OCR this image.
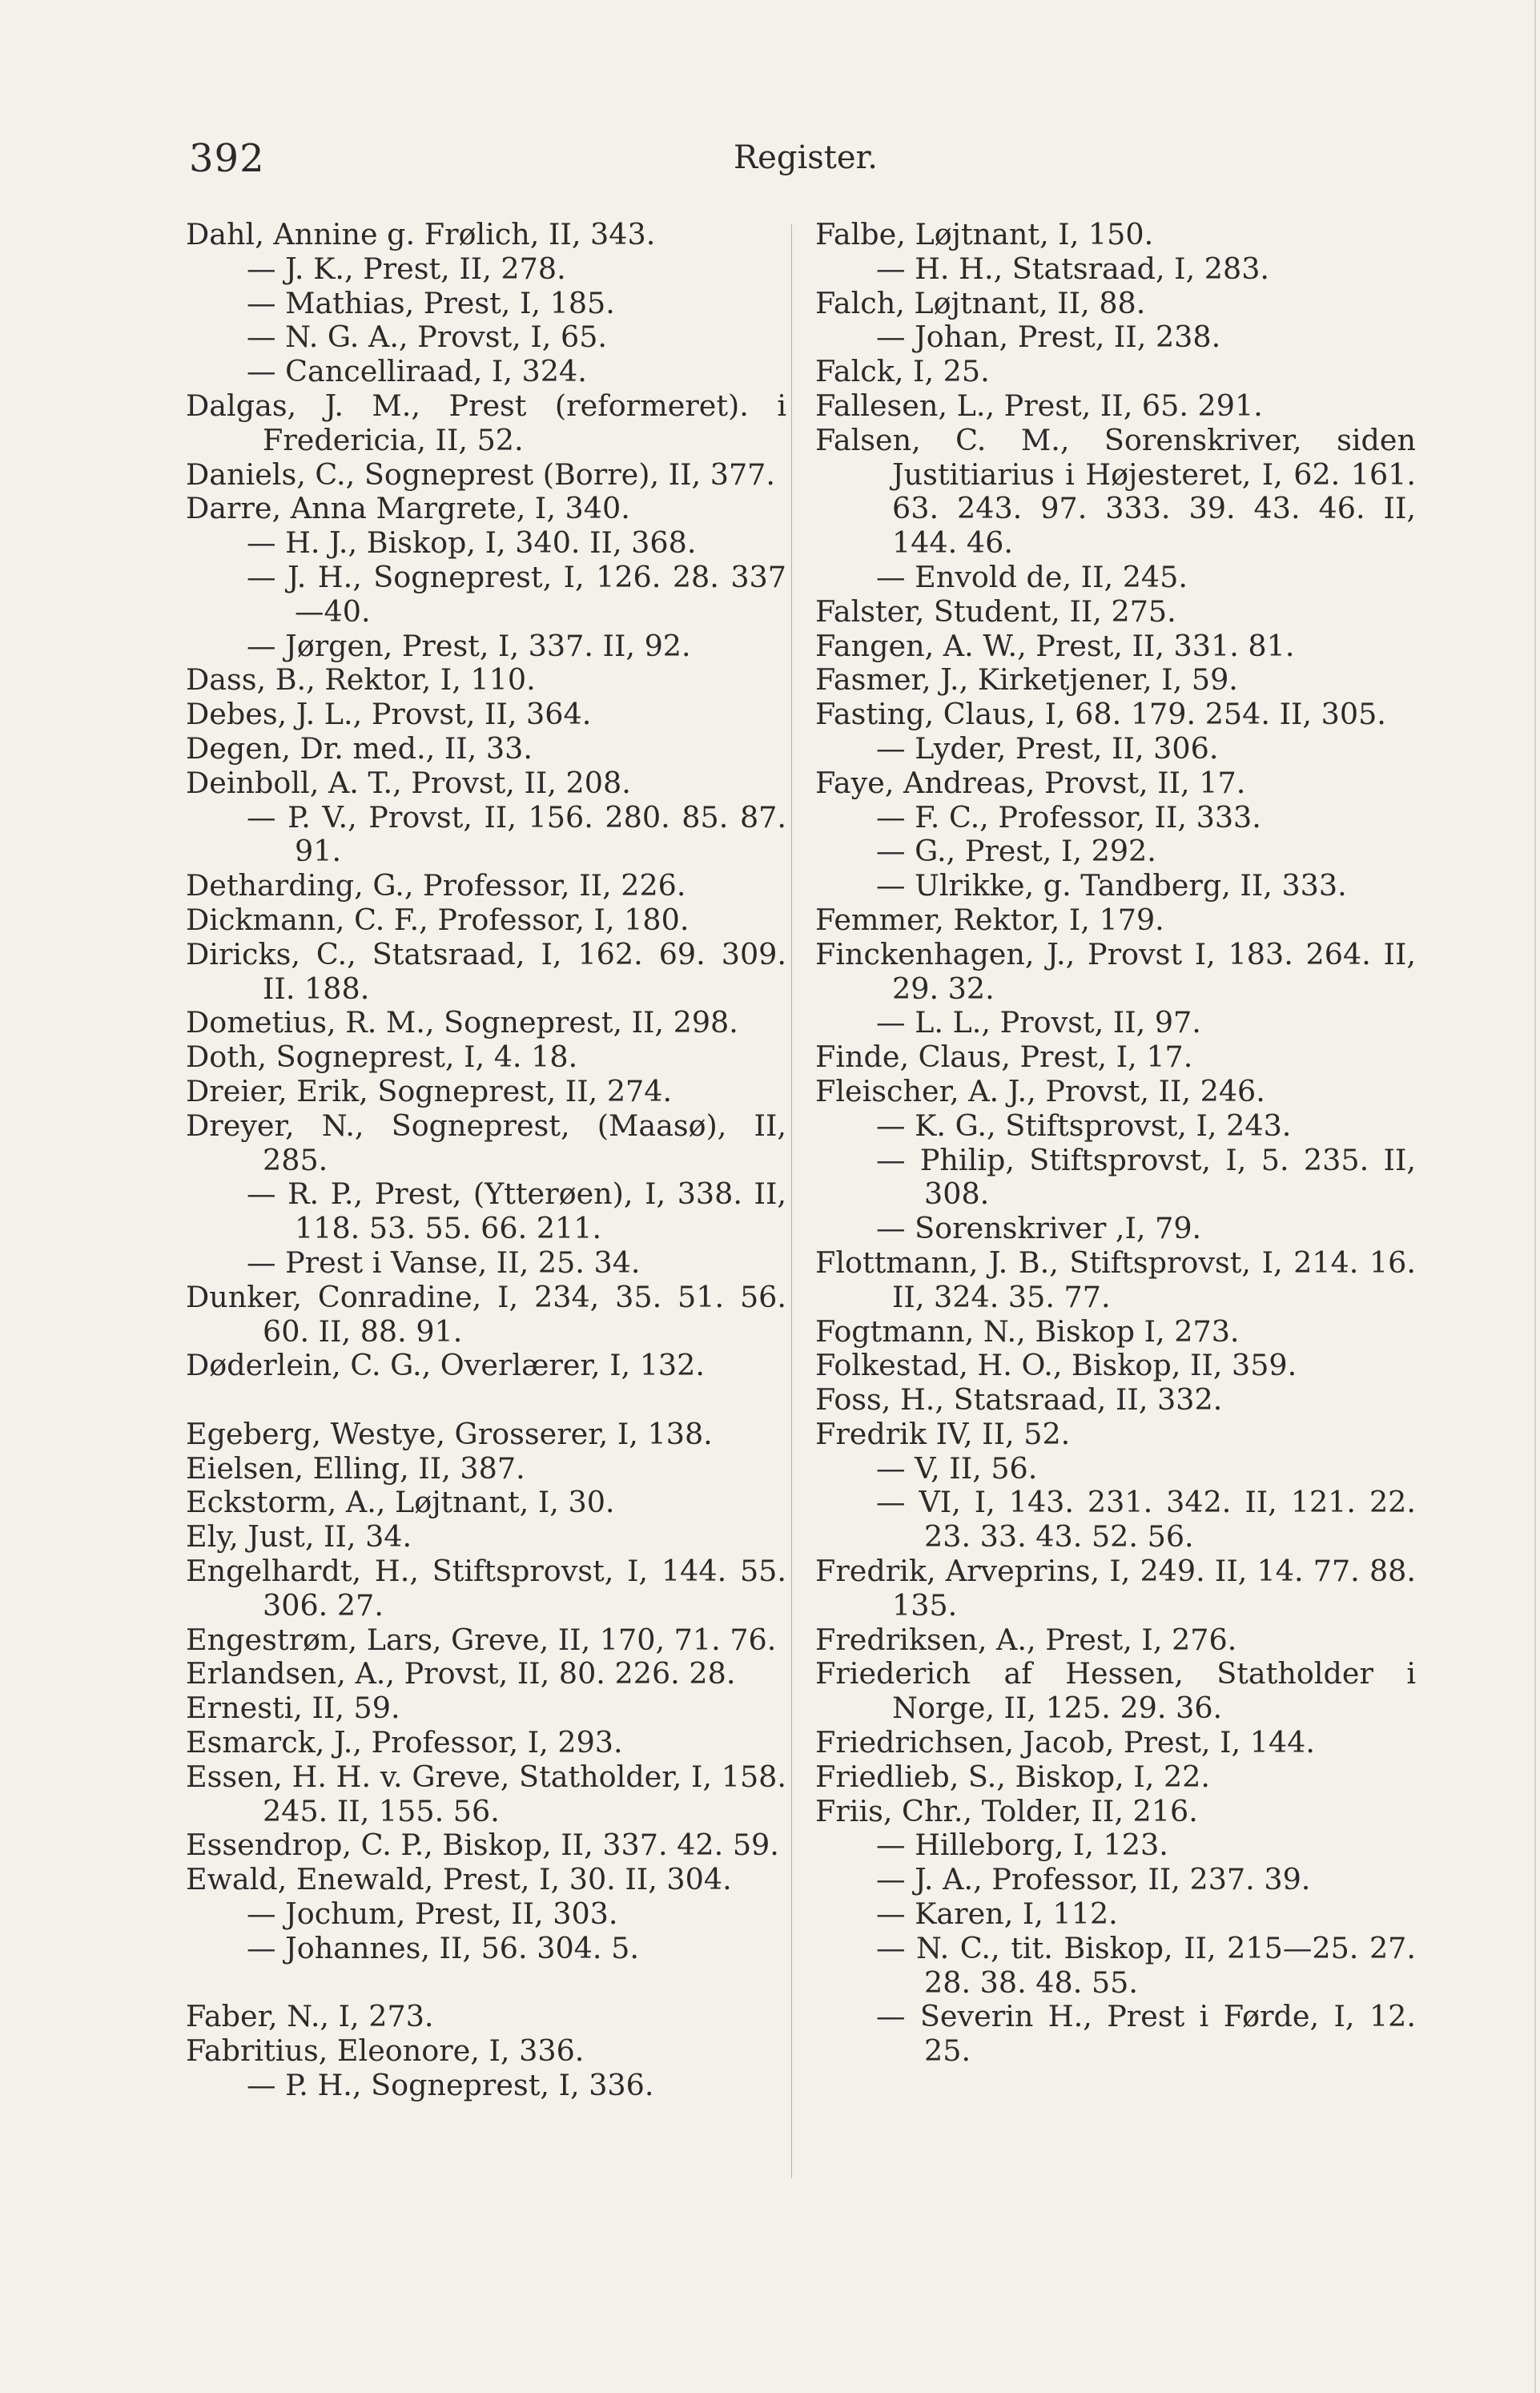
392	Register.
Dahl, Annine g. Frølich, II, 343.
— J. K., Prest, II, 278.
— Mathias, Prest, I, 185.
— N. G. A., Provst, I, 65.
— Cancelliraad, I, 324.
Dalgas, J. M., Prest (reformeret). i Fredericia, II, 52.
Daniels, C., Sogneprest (Borre), II, 377.
Darre, Anna Margrete, I, 340.
— H. J., Biskop, I, 340. II, 368.
— J. H., Sogneprest, I, 126. 28. 337—40.
— Jørgen, Prest, I, 337. II, 92.
Dass, B., Rektor, I, 110.
Debes, J. L., Provst, II, 364.
Degen, Dr. med., II, 33.
Deinboll, A. T., Provst, II, 208.
— P. V., Provst, II, 156. 280. 85. 87. 91.
Detharding, G., Professor, II, 226.
Dickmann, C. F., Professor, I, 180.
Diricks, C., Statsraad, I, 162. 69. 309. II. 188.
Dometius, R. M., Sogneprest, II, 298.
Doth, Sogneprest, I, 4. 18.
Dreier, Erik, Sogneprest, II, 274.
Dreyer, N., Sogneprest, (Maasø), II, 285.
— R. P., Prest, (Ytterøen), I, 338. II, 118. 53. 55. 66. 211.
— Prest i Vanse, II, 25. 34.
Dunker, Conradine, I, 234, 35. 51. 56. 60. II, 88. 91.
Døderlein, C. G., Overlærer, I, 132.
Egeberg, Westye, Grosserer, I, 138.
Eielsen, Elling, II, 387.
Eckstorm, A., Løjtnant, I, 30.
Ely, Just, II, 34.
Engelhardt, H., Stiftsprovst, I, 144. 55. 306. 27.
Engestrøm, Lars, Greve, II, 170, 71. 76.
Erlandsen, A., Provst, II, 80. 226. 28.
Ernesti, II, 59.
Esmarck, J., Professor, I, 293.
Essen, H. H. v. Greve, Statholder, I, 158. 245. II, 155. 56.
Essendrop, C. P., Biskop, II, 337. 42. 59.
Ewald, Enewald, Prest, I, 30. II, 304.
— Jochum, Prest, II, 303.
— Johannes, II, 56. 304. 5.
Faber, N., I, 273.
Fabritius, Eleonore, I, 336.
— P. H., Sogneprest, I, 336.
Falbe, Løjtnant, I, 150.
— H. H., Statsraad, I, 283.
Falch, Løjtnant, II, 88.
— Johan, Prest, II, 238.
Falck, I, 25.
Fallesen, L., Prest, II, 65. 291.
Falsen, C. M., Sorenskriver, siden Justitiarius i Højesteret, I, 62. 161. 63. 243. 97. 333. 39. 43. 46. II, 144. 46.
— Envold de, II, 245.
Falster, Student, II, 275.
Fangen, A. W., Prest, II, 331. 81.
Fasmer, J., Kirketjener, I, 59.
Fasting, Claus, I, 68. 179. 254. II, 305.
— Lyder, Prest, II, 306.
Faye, Andreas, Provst, II, 17.
— F. C., Professor, II, 333.
— G., Prest, I, 292.
— Ulrikke, g. Tandberg, II, 333.
Femmer, Rektor, I, 179.
Finckenhagen, J., Provst I, 183. 264. II, 29. 32.
— L. L., Provst, II, 97.
Finde, Claus, Prest, I, 17.
Fleischer, A. J., Provst, II, 246.
— K. G., Stiftsprovst, I, 243.
— Philip, Stiftsprovst, I, 5. 235. II, 308.
— Sorenskriver ,I, 79.
Flottmann, J. B., Stiftsprovst, I, 214. 16. II, 324. 35. 77.
Fogtmann, N., Biskop I, 273.
Folkestad, H. O., Biskop, II, 359.
Foss, H., Statsraad, II, 332.
Fredrik IV, II, 52.
— V, II, 56.
— VI, I, 143. 231. 342. II, 121. 22. 23. 33. 43. 52. 56.
Fredrik, Arveprins, I, 249. II, 14. 77. 88. 135.
Fredriksen, A., Prest, I, 276.
Friederich af Hessen, Statholder i Norge, II, 125. 29. 36.
Friedrichsen, Jacob, Prest, I, 144.
Friedlieb, S., Biskop, I, 22.
Friis, Chr., Tolder, II, 216.
— Hilleborg, I, 123.
— J. A., Professor, II, 237. 39.
— Karen, I, 112.
— N. C., tit. Biskop, II, 215—25. 27. 28. 38. 48. 55.
— Severin H., Prest i Førde, I, 12. 25.
